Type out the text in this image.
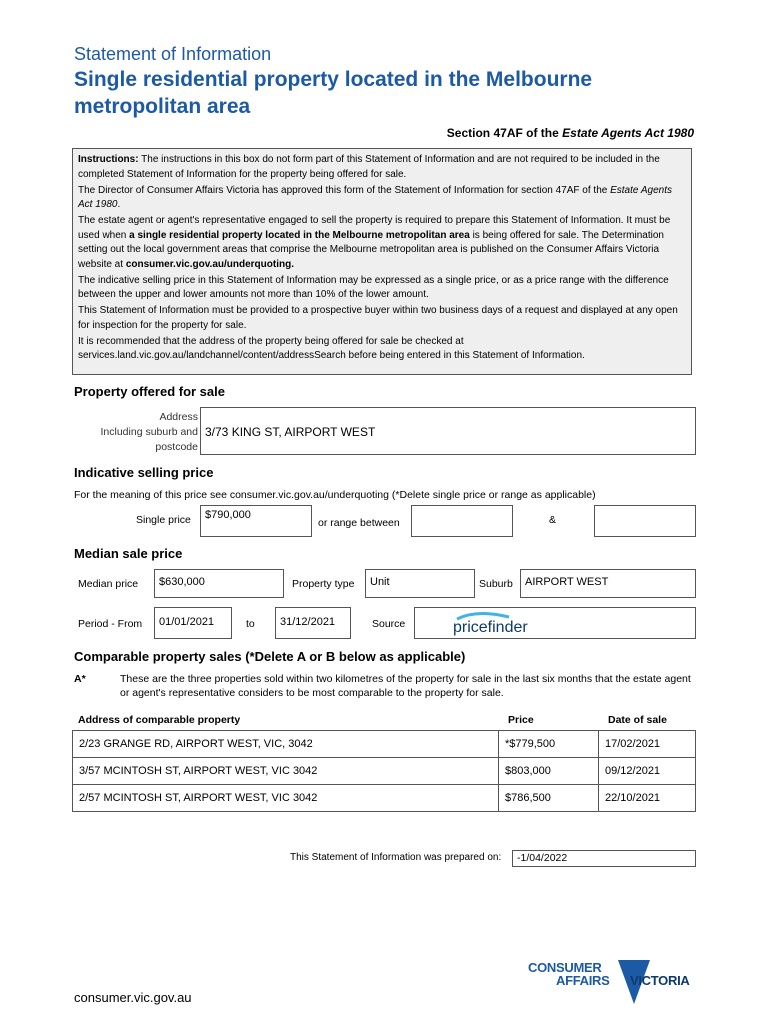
Statement of Information
Single residential property located in the Melbourne metropolitan area
Section 47AF of the Estate Agents Act 1980

Instructions: The instructions in this box do not form part of this Statement of Information and are not required to be included in the completed Statement of Information for the property being offered for sale.

The Director of Consumer Affairs Victoria has approved this form of the Statement of Information for section 47AF of the Estate Agents Act 1980.

The estate agent or agent's representative engaged to sell the property is required to prepare this Statement of Information. It must be used when a single residential property located in the Melbourne metropolitan area is being offered for sale. The Determination setting out the local government areas that comprise the Melbourne metropolitan area is published on the Consumer Affairs Victoria website at consumer.vic.gov.au/underquoting.

The indicative selling price in this Statement of Information may be expressed as a single price, or as a price range with the difference between the upper and lower amounts not more than 10% of the lower amount.

This Statement of Information must be provided to a prospective buyer within two business days of a request and displayed at any open for inspection for the property for sale.

It is recommended that the address of the property being offered for sale be checked at services.land.vic.gov.au/landchannel/content/addressSearch before being entered in this Statement of Information.

Property offered for sale
Address
Including suburb and
postcode
3/73 KING ST, AIRPORT WEST
Indicative selling price
For the meaning of this price see consumer.vic.gov.au/underquoting (*Delete single price or range as applicable)
Single price	$790,000
or range between	&
Median sale price
Median price	$630,000	Property type	Unit	Suburb	AIRPORT WEST
Period - From	01/01/2021	to	31/12/2021	Source	pricefinder
Comparable property sales (*Delete A or B below as applicable)
A*	These are the three properties sold within two kilometres of the property for sale in the last six months that the estate agent or agent's representative considers to be most comparable to the property for sale.
Address of comparable property	Price	Date of sale
2/23 GRANGE RD, AIRPORT WEST, VIC, 3042	*$779,500	17/02/2021
3/57 MCINTOSH ST, AIRPORT WEST, VIC 3042	$803,000	09/12/2021
2/57 MCINTOSH ST, AIRPORT WEST, VIC 3042	$786,500	22/10/2021
This Statement of Information was prepared on:	-1/04/2022
consumer.vic.gov.au
CONSUMER
AFFAIRS VICTORIA
